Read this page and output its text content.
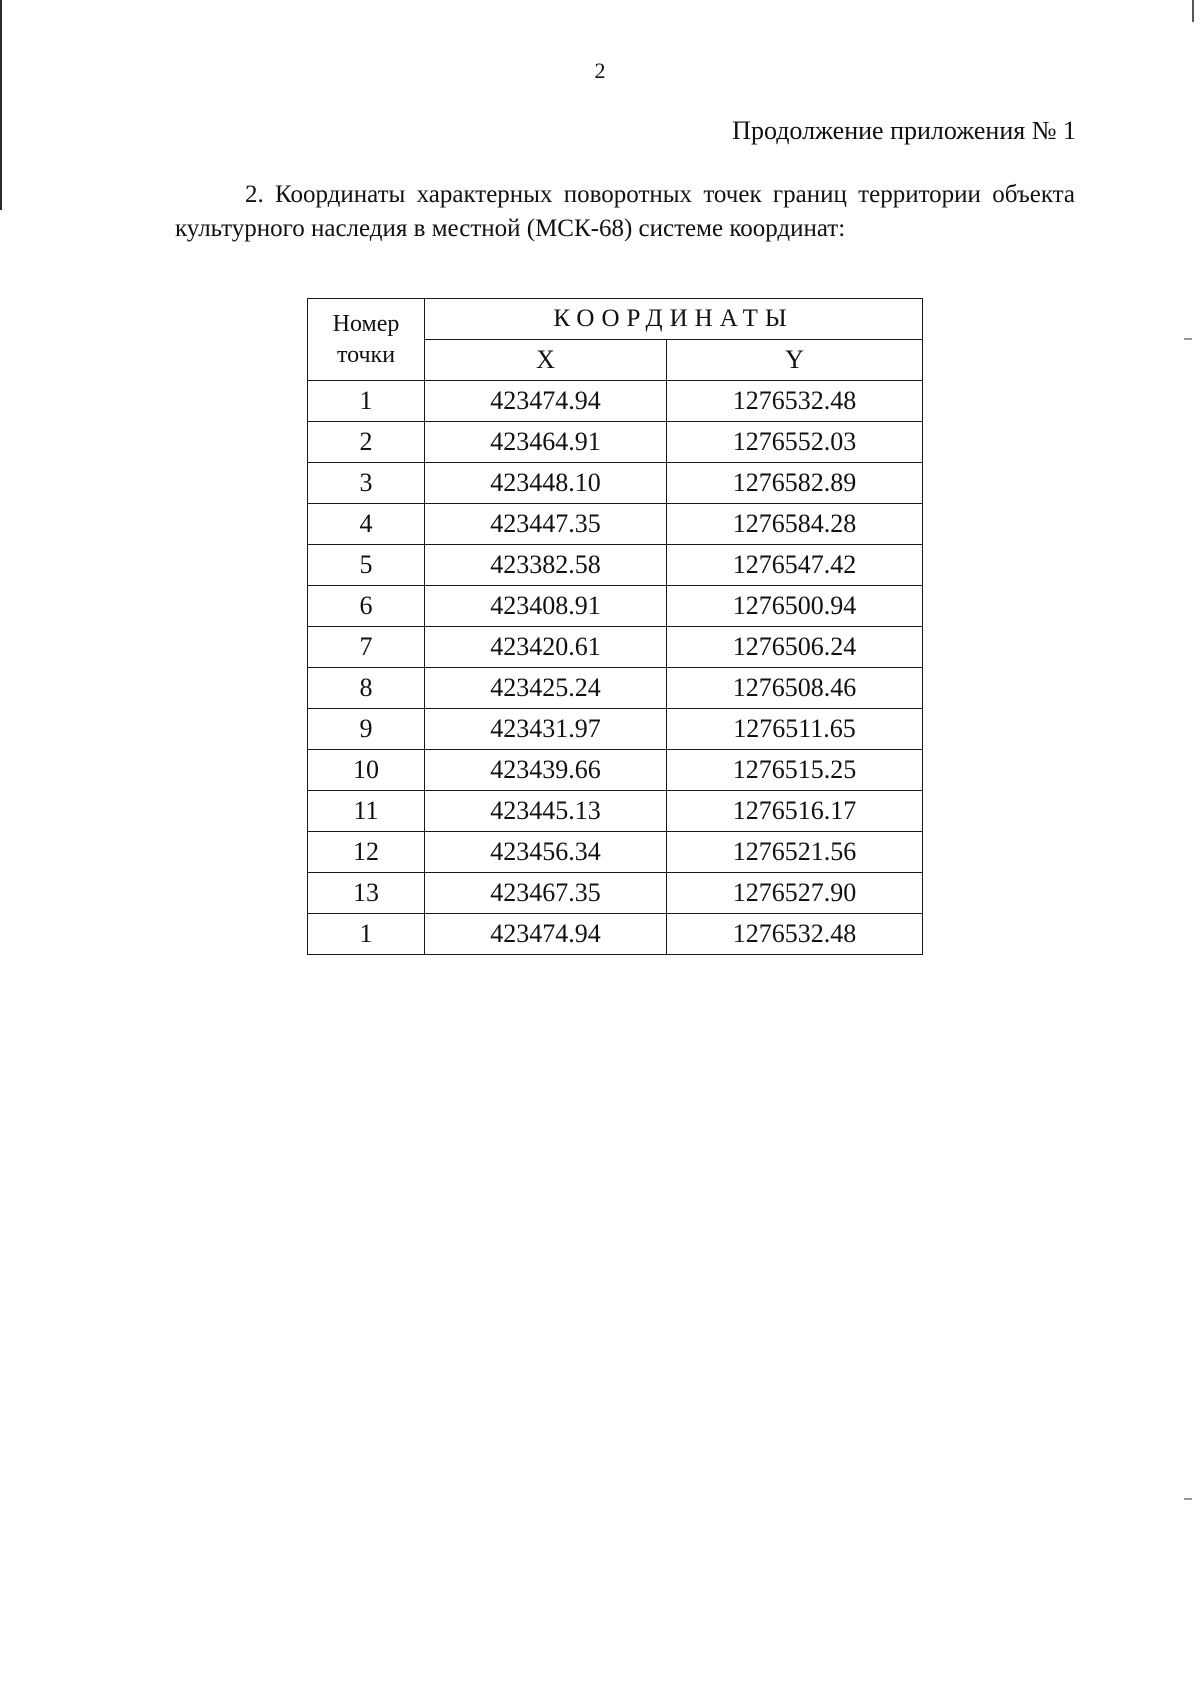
2
Продолжение приложения № 1

2. Координаты характерных поворотных точек границ территории объекта культурного наследия в местной (МСК-68) системе координат:

Номер точки	КООРДИНАТЫ	
	X	Y
1	423474.94	1276532.48
2	423464.91	1276552.03
3	423448.10	1276582.89
4	423447.35	1276584.28
5	423382.58	1276547.42
6	423408.91	1276500.94
7	423420.61	1276506.24
8	423425.24	1276508.46
9	423431.97	1276511.65
10	423439.66	1276515.25
11	423445.13	1276516.17
12	423456.34	1276521.56
13	423467.35	1276527.90
1	423474.94	1276532.48
